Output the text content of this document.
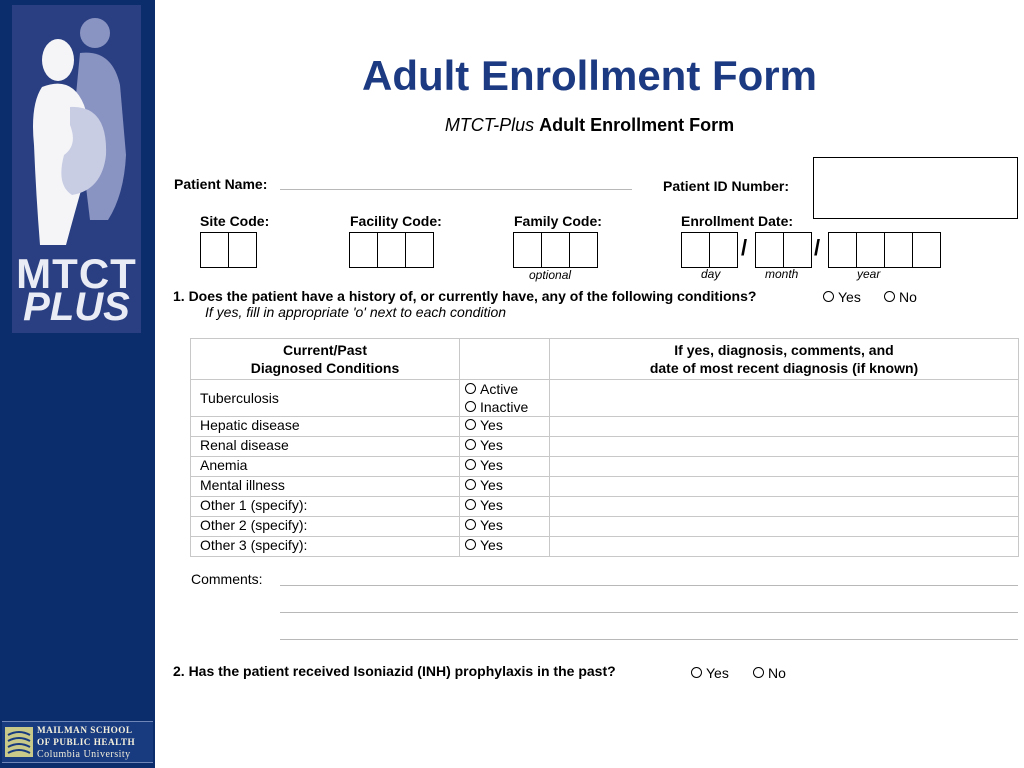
MTCT
PLUS
MAILMAN SCHOOL
OF PUBLIC HEALTH
Columbia University
Adult Enrollment Form
MTCT-Plus Adult Enrollment Form
Patient Name:	Patient ID Number:
Site Code:	Facility Code:	Family Code:
optional
Enrollment Date:
/	/
day	month	year
1. Does the patient have a history of, or currently have, any of the following conditions?	Yes	No
If yes, fill in appropriate 'o' next to each condition
Current/Past
Diagnosed Conditions		If yes, diagnosis, comments, and
date of most recent diagnosis (if known)
Tuberculosis	Active
Inactive	

Hepatic disease	Yes	
Renal disease	Yes	
Anemia	Yes	
Mental illness	Yes	
Other 1 (specify):	Yes	
Other 2 (specify):	Yes	
Other 3 (specify):	Yes	
Comments:
2. Has the patient received Isoniazid (INH) prophylaxis in the past?	Yes	No
